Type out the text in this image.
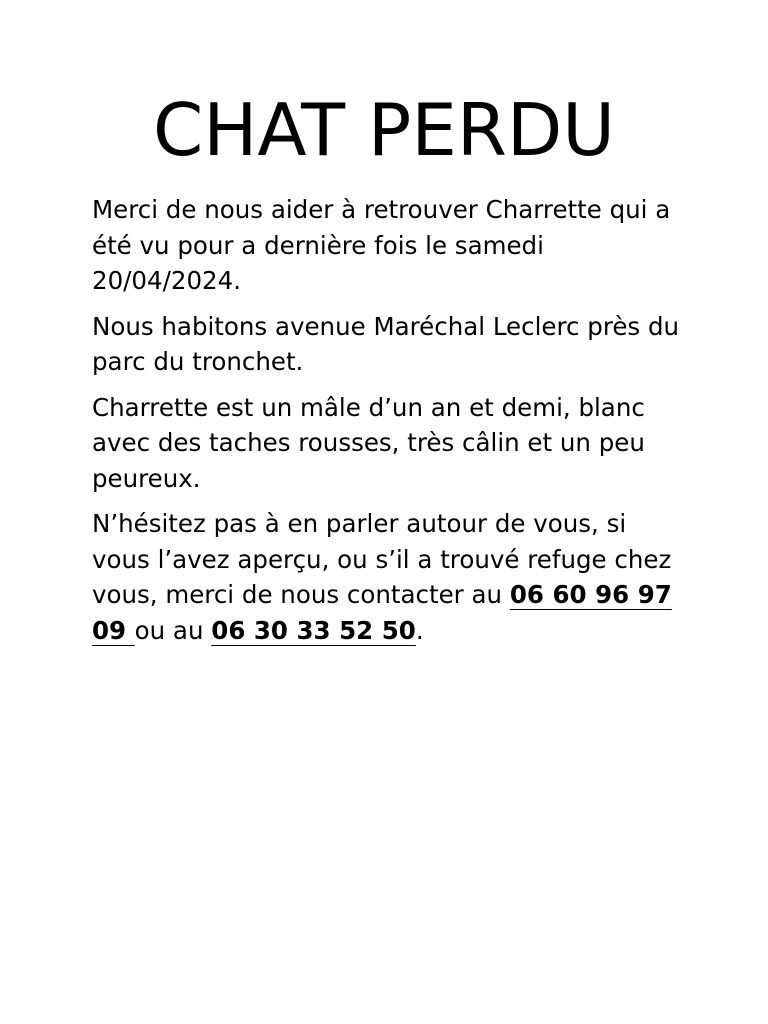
CHAT PERDU

Merci de nous aider à retrouver Charrette qui a été vu pour a dernière fois le samedi 20/04/2024.

Nous habitons avenue Maréchal Leclerc près du parc du tronchet.

Charrette est un mâle d’un an et demi, blanc avec des taches rousses, très câlin et un peu peureux.

N’hésitez pas à en parler autour de vous, si vous l’avez aperçu, ou s’il a trouvé refuge chez vous, merci de nous contacter au 06 60 96 97 09 ou au 06 30 33 52 50.
